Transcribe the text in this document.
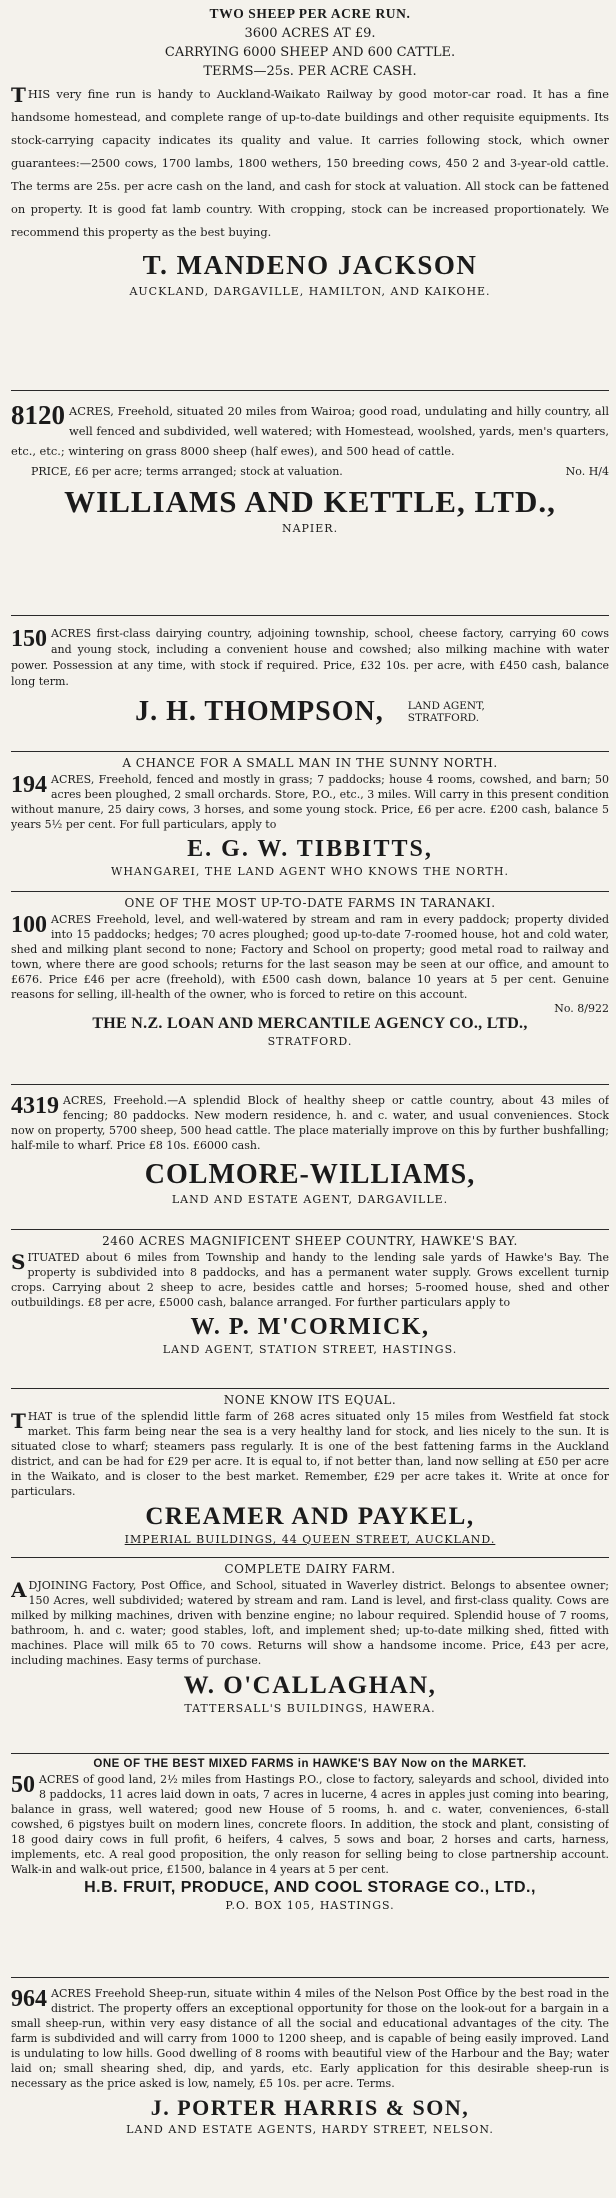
TWO SHEEP PER ACRE RUN.
3600 ACRES AT £9.
CARRYING 6000 SHEEP AND 600 CATTLE.
TERMS—25s. PER ACRE CASH.
THIS very fine run is handy to Auckland-Waikato Railway by good motor-car road. It has a fine handsome homestead, and complete range of up-to-date buildings and other requisite equipments. Its stock-carrying capacity indicates its quality and value. It carries following stock, which owner guarantees:—2500 cows, 1700 lambs, 1800 wethers, 150 breeding cows, 450 2 and 3-year-old cattle. The terms are 25s. per acre cash on the land, and cash for stock at valuation. All stock can be fattened on property. It is good fat lamb country. With cropping, stock can be increased proportionately. We recommend this property as the best buying.
T. MANDENO JACKSON
AUCKLAND, DARGAVILLE, HAMILTON, AND KAIKOHE.
8120 ACRES, Freehold, situated 20 miles from Wairoa; good road, undulating and hilly country, all well fenced and subdivided, well watered; with Homestead, woolshed, yards, men's quarters, etc., etc.; wintering on grass 8000 sheep (half ewes), and 500 head of cattle.
PRICE, £6 per acre; terms arranged; stock at valuation.	No. H/4
WILLIAMS AND KETTLE, LTD.,
NAPIER.
150 ACRES first-class dairying country, adjoining township, school, cheese factory, carrying 60 cows and young stock, including a convenient house and cowshed; also milking machine with water power. Possession at any time, with stock if required. Price, £32 10s. per acre, with £450 cash, balance long term.
J. H. THOMPSON, LAND AGENT,
STRATFORD.
A CHANCE FOR A SMALL MAN IN THE SUNNY NORTH.
194 ACRES, Freehold, fenced and mostly in grass; 7 paddocks; house 4 rooms, cowshed, and barn; 50 acres been ploughed, 2 small orchards. Store, P.O., etc., 3 miles. Will carry in this present condition without manure, 25 dairy cows, 3 horses, and some young stock. Price, £6 per acre. £200 cash, balance 5 years 5½ per cent. For full particulars, apply to
E. G. W. TIBBITTS,
WHANGAREI, THE LAND AGENT WHO KNOWS THE NORTH.
ONE OF THE MOST UP-TO-DATE FARMS IN TARANAKI.
100 ACRES Freehold, level, and well-watered by stream and ram in every paddock; property divided into 15 paddocks; hedges; 70 acres ploughed; good up-to-date 7-roomed house, hot and cold water, shed and milking plant second to none; Factory and School on property; good metal road to railway and town, where there are good schools; returns for the last season may be seen at our office, and amount to £676. Price £46 per acre (freehold), with £500 cash down, balance 10 years at 5 per cent. Genuine reasons for selling, ill-health of the owner, who is forced to retire on this account.
No. 8/922
THE N.Z. LOAN AND MERCANTILE AGENCY CO., LTD.,
STRATFORD.
4319 ACRES, Freehold.—A splendid Block of healthy sheep or cattle country, about 43 miles of fencing; 80 paddocks. New modern residence, h. and c. water, and usual conveniences. Stock now on property, 5700 sheep, 500 head cattle. The place materially improve on this by further bushfalling; half-mile to wharf. Price £8 10s. £6000 cash.
COLMORE-WILLIAMS,
LAND AND ESTATE AGENT, DARGAVILLE.
2460 ACRES MAGNIFICENT SHEEP COUNTRY, HAWKE'S BAY.
SITUATED about 6 miles from Township and handy to the lending sale yards of Hawke's Bay. The property is subdivided into 8 paddocks, and has a permanent water supply. Grows excellent turnip crops. Carrying about 2 sheep to acre, besides cattle and horses; 5-roomed house, shed and other outbuildings. £8 per acre, £5000 cash, balance arranged. For further particulars apply to
W. P. M'CORMICK,
LAND AGENT, STATION STREET, HASTINGS.
NONE KNOW ITS EQUAL.
THAT is true of the splendid little farm of 268 acres situated only 15 miles from Westfield fat stock market. This farm being near the sea is a very healthy land for stock, and lies nicely to the sun. It is situated close to wharf; steamers pass regularly. It is one of the best fattening farms in the Auckland district, and can be had for £29 per acre. It is equal to, if not better than, land now selling at £50 per acre in the Waikato, and is closer to the best market. Remember, £29 per acre takes it. Write at once for particulars.
CREAMER AND PAYKEL,
IMPERIAL BUILDINGS, 44 QUEEN STREET, AUCKLAND.
COMPLETE DAIRY FARM.
ADJOINING Factory, Post Office, and School, situated in Waverley district. Belongs to absentee owner; 150 Acres, well subdivided; watered by stream and ram. Land is level, and first-class quality. Cows are milked by milking machines, driven with benzine engine; no labour required. Splendid house of 7 rooms, bathroom, h. and c. water; good stables, loft, and implement shed; up-to-date milking shed, fitted with machines. Place will milk 65 to 70 cows. Returns will show a handsome income. Price, £43 per acre, including machines. Easy terms of purchase.
W. O'CALLAGHAN,
TATTERSALL'S BUILDINGS, HAWERA.
ONE OF THE BEST MIXED FARMS in HAWKE'S BAY Now on the MARKET.
50 ACRES of good land, 2½ miles from Hastings P.O., close to factory, saleyards and school, divided into 8 paddocks, 11 acres laid down in oats, 7 acres in lucerne, 4 acres in apples just coming into bearing, balance in grass, well watered; good new House of 5 rooms, h. and c. water, conveniences, 6-stall cowshed, 6 pigstyes built on modern lines, concrete floors. In addition, the stock and plant, consisting of 18 good dairy cows in full profit, 6 heifers, 4 calves, 5 sows and boar, 2 horses and carts, harness, implements, etc. A real good proposition, the only reason for selling being to close partnership account. Walk-in and walk-out price, £1500, balance in 4 years at 5 per cent.
H.B. FRUIT, PRODUCE, AND COOL STORAGE CO., LTD.,
P.O. BOX 105, HASTINGS.
964 ACRES Freehold Sheep-run, situate within 4 miles of the Nelson Post Office by the best road in the district. The property offers an exceptional opportunity for those on the look-out for a bargain in a small sheep-run, within very easy distance of all the social and educational advantages of the city. The farm is subdivided and will carry from 1000 to 1200 sheep, and is capable of being easily improved. Land is undulating to low hills. Good dwelling of 8 rooms with beautiful view of the Harbour and the Bay; water laid on; small shearing shed, dip, and yards, etc. Early application for this desirable sheep-run is necessary as the price asked is low, namely, £5 10s. per acre. Terms.
J. PORTER HARRIS & SON,
LAND AND ESTATE AGENTS, HARDY STREET, NELSON.
